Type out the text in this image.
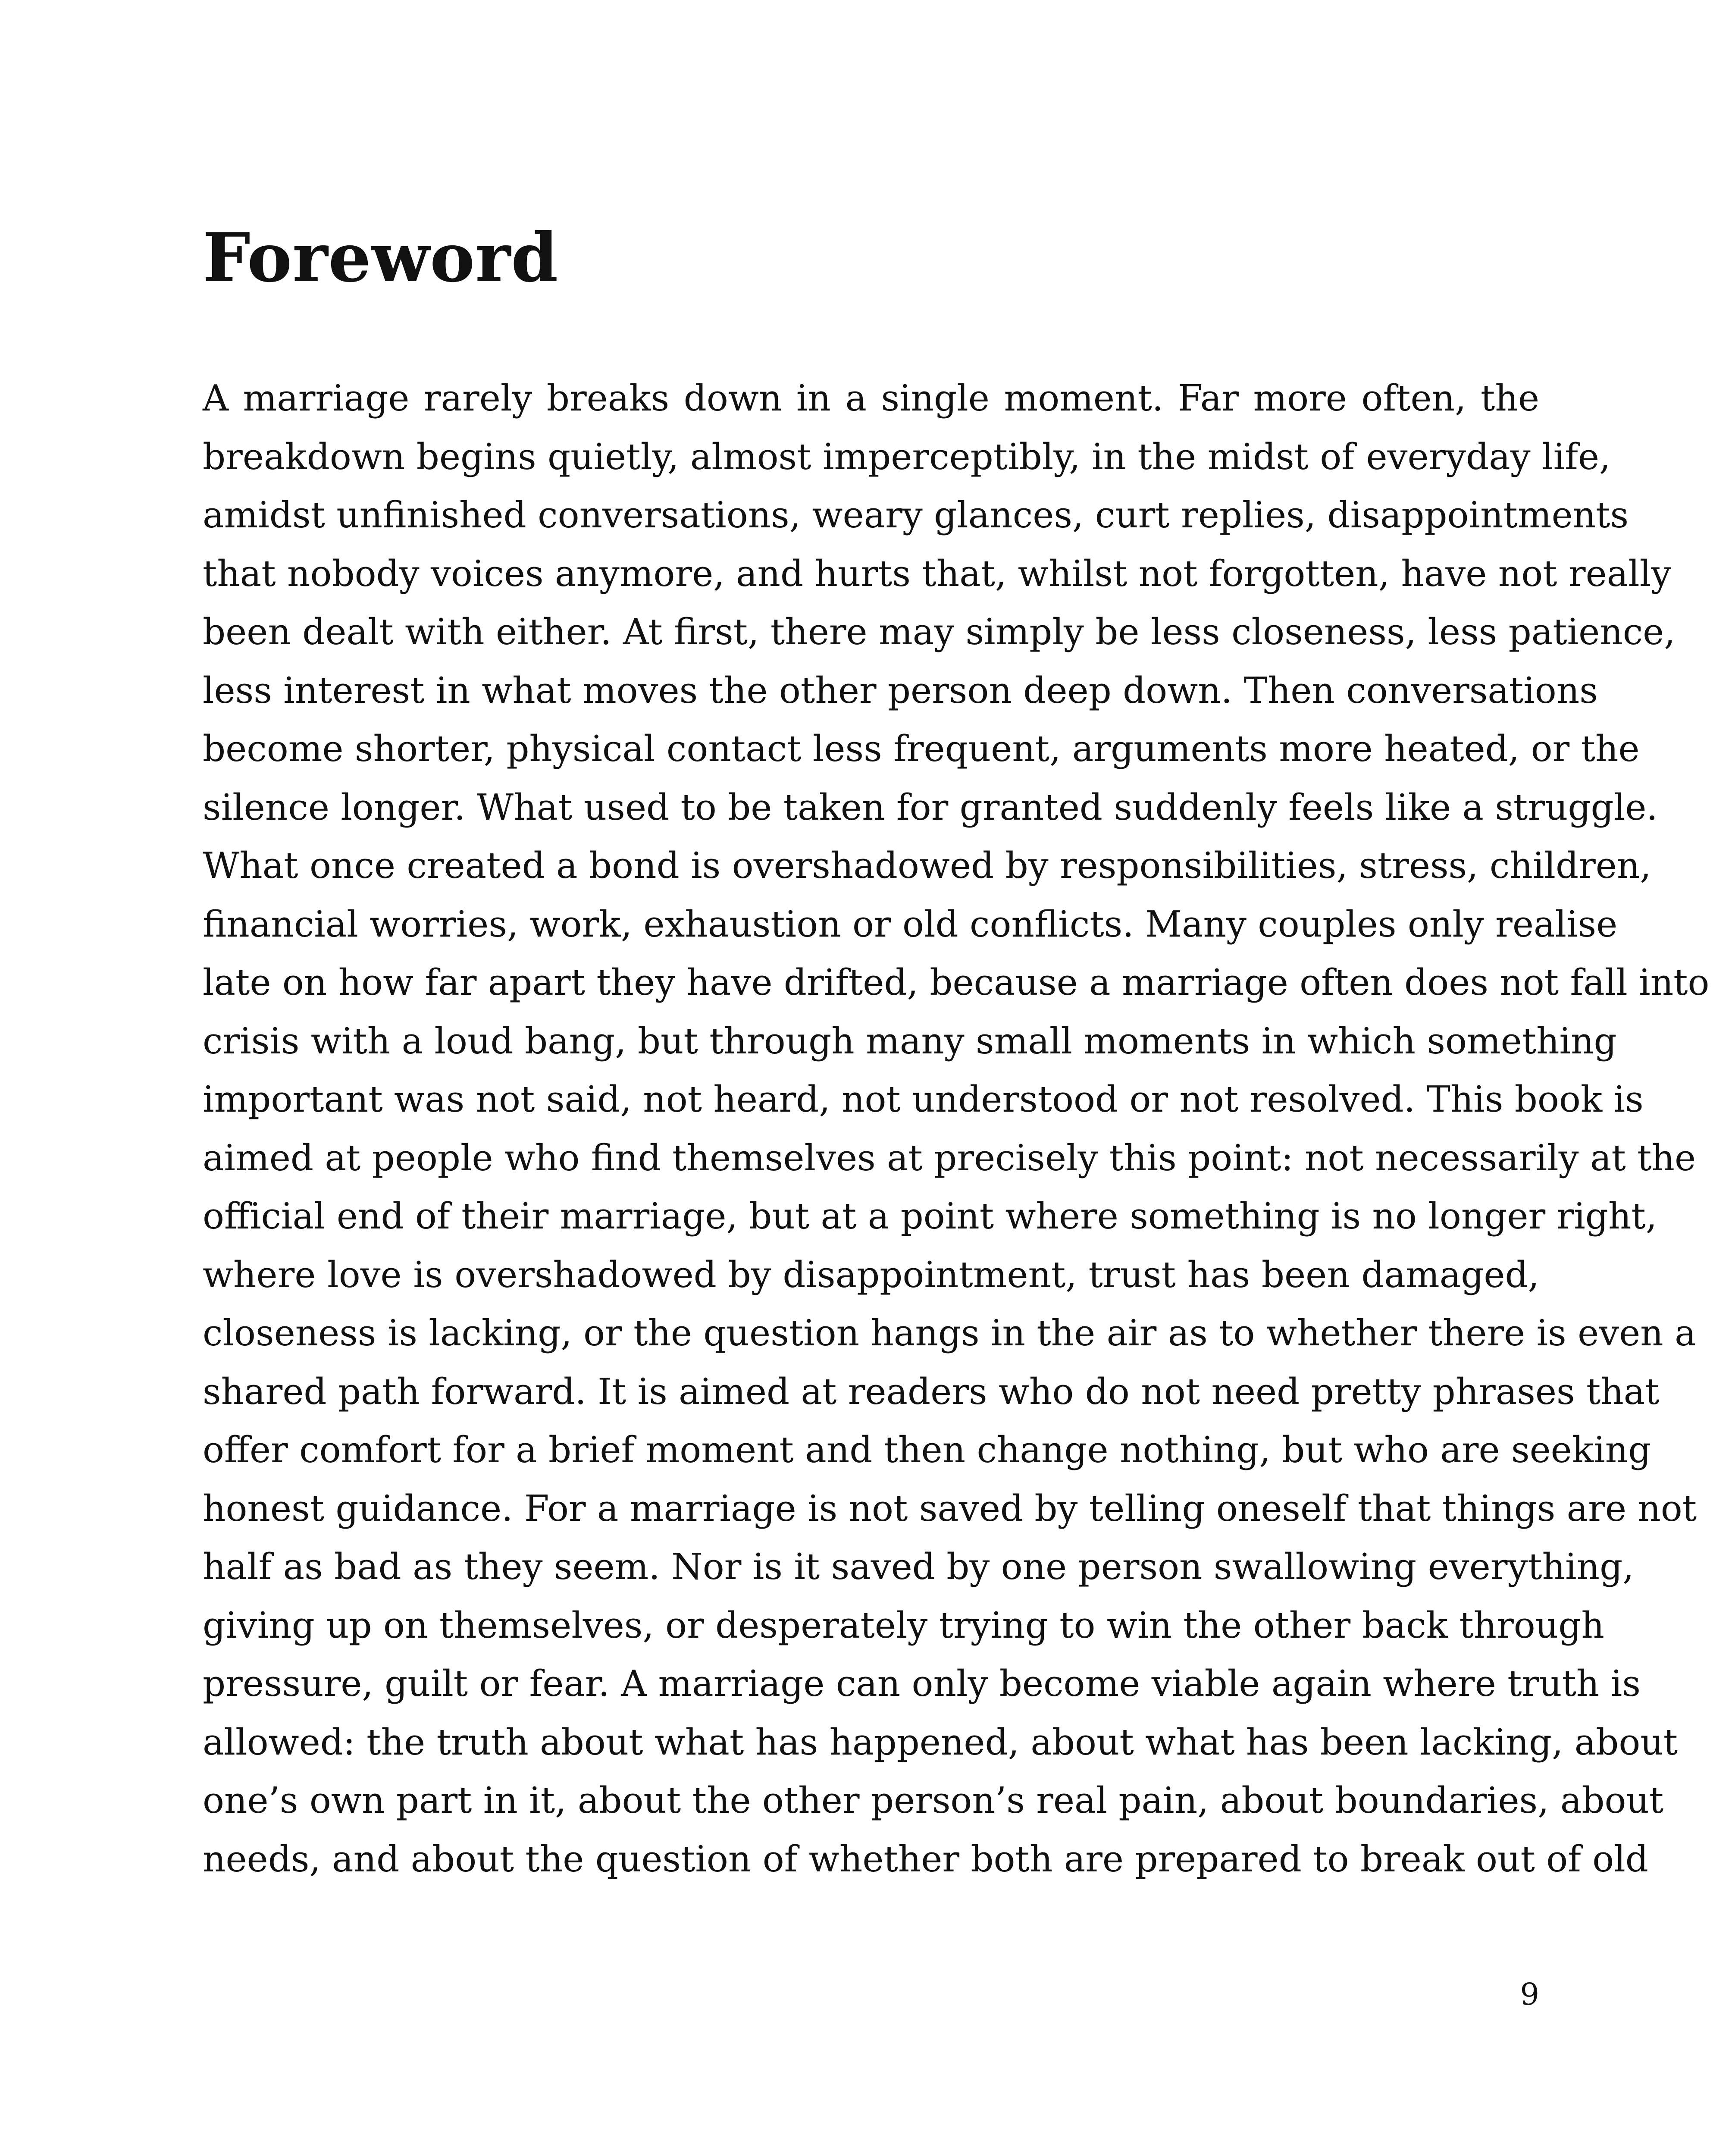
Foreword
A marriage rarely breaks down in a single moment. Far more often, the
breakdown begins quietly, almost imperceptibly, in the midst of everyday life,
amidst unfinished conversations, weary glances, curt replies, disappointments
that nobody voices anymore, and hurts that, whilst not forgotten, have not really
been dealt with either. At first, there may simply be less closeness, less patience,
less interest in what moves the other person deep down. Then conversations
become shorter, physical contact less frequent, arguments more heated, or the
silence longer. What used to be taken for granted suddenly feels like a struggle.
What once created a bond is overshadowed by responsibilities, stress, children,
financial worries, work, exhaustion or old conflicts. Many couples only realise
late on how far apart they have drifted, because a marriage often does not fall into
crisis with a loud bang, but through many small moments in which something
important was not said, not heard, not understood or not resolved. This book is
aimed at people who find themselves at precisely this point: not necessarily at the
official end of their marriage, but at a point where something is no longer right,
where love is overshadowed by disappointment, trust has been damaged,
closeness is lacking, or the question hangs in the air as to whether there is even a
shared path forward. It is aimed at readers who do not need pretty phrases that
offer comfort for a brief moment and then change nothing, but who are seeking
honest guidance. For a marriage is not saved by telling oneself that things are not
half as bad as they seem. Nor is it saved by one person swallowing everything,
giving up on themselves, or desperately trying to win the other back through
pressure, guilt or fear. A marriage can only become viable again where truth is
allowed: the truth about what has happened, about what has been lacking, about
one’s own part in it, about the other person’s real pain, about boundaries, about
needs, and about the question of whether both are prepared to break out of old
9
